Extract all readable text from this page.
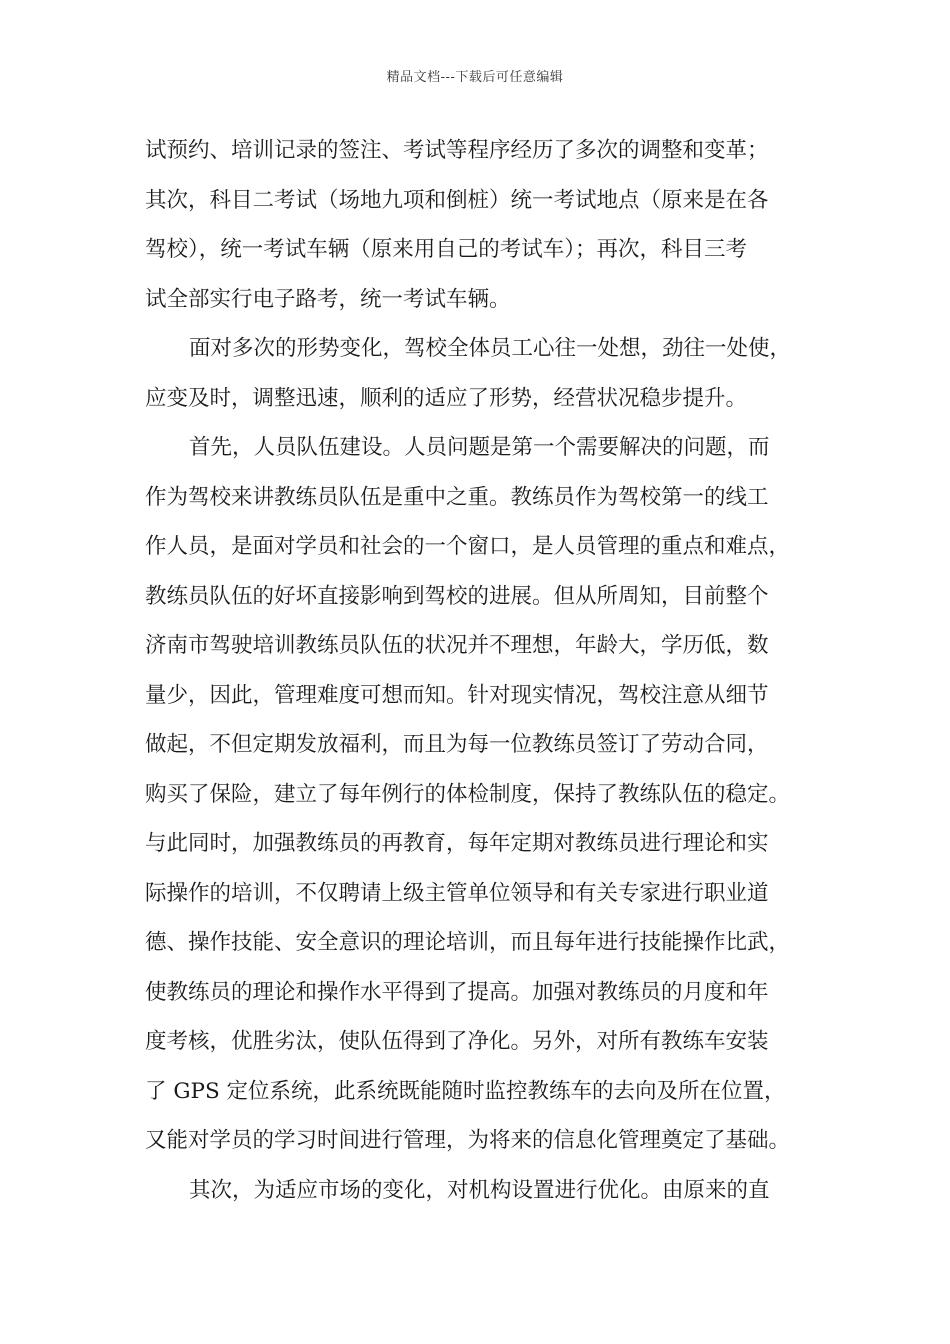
精品文档---下载后可任意编辑
试预约、培训记录的签注、考试等程序经历了多次的调整和变革；
其次，科目二考试（场地九项和倒桩）统一考试地点（原来是在各
驾校），统一考试车辆（原来用自己的考试车）；再次，科目三考
试全部实行电子路考，统一考试车辆。
面对多次的形势变化，驾校全体员工心往一处想，劲往一处使，
应变及时，调整迅速，顺利的适应了形势，经营状况稳步提升。
首先，人员队伍建设。人员问题是第一个需要解决的问题，而
作为驾校来讲教练员队伍是重中之重。教练员作为驾校第一的线工
作人员，是面对学员和社会的一个窗口，是人员管理的重点和难点，
教练员队伍的好坏直接影响到驾校的进展。但从所周知，目前整个
济南市驾驶培训教练员队伍的状况并不理想，年龄大，学历低，数
量少，因此，管理难度可想而知。针对现实情况，驾校注意从细节
做起，不但定期发放福利，而且为每一位教练员签订了劳动合同，
购买了保险，建立了每年例行的体检制度，保持了教练队伍的稳定。
与此同时，加强教练员的再教育，每年定期对教练员进行理论和实
际操作的培训，不仅聘请上级主管单位领导和有关专家进行职业道
德、操作技能、安全意识的理论培训，而且每年进行技能操作比武，
使教练员的理论和操作水平得到了提高。加强对教练员的月度和年
度考核，优胜劣汰，使队伍得到了净化。另外，对所有教练车安装
了 GPS 定位系统，此系统既能随时监控教练车的去向及所在位置，
又能对学员的学习时间进行管理，为将来的信息化管理奠定了基础。
其次，为适应市场的变化，对机构设置进行优化。由原来的直
